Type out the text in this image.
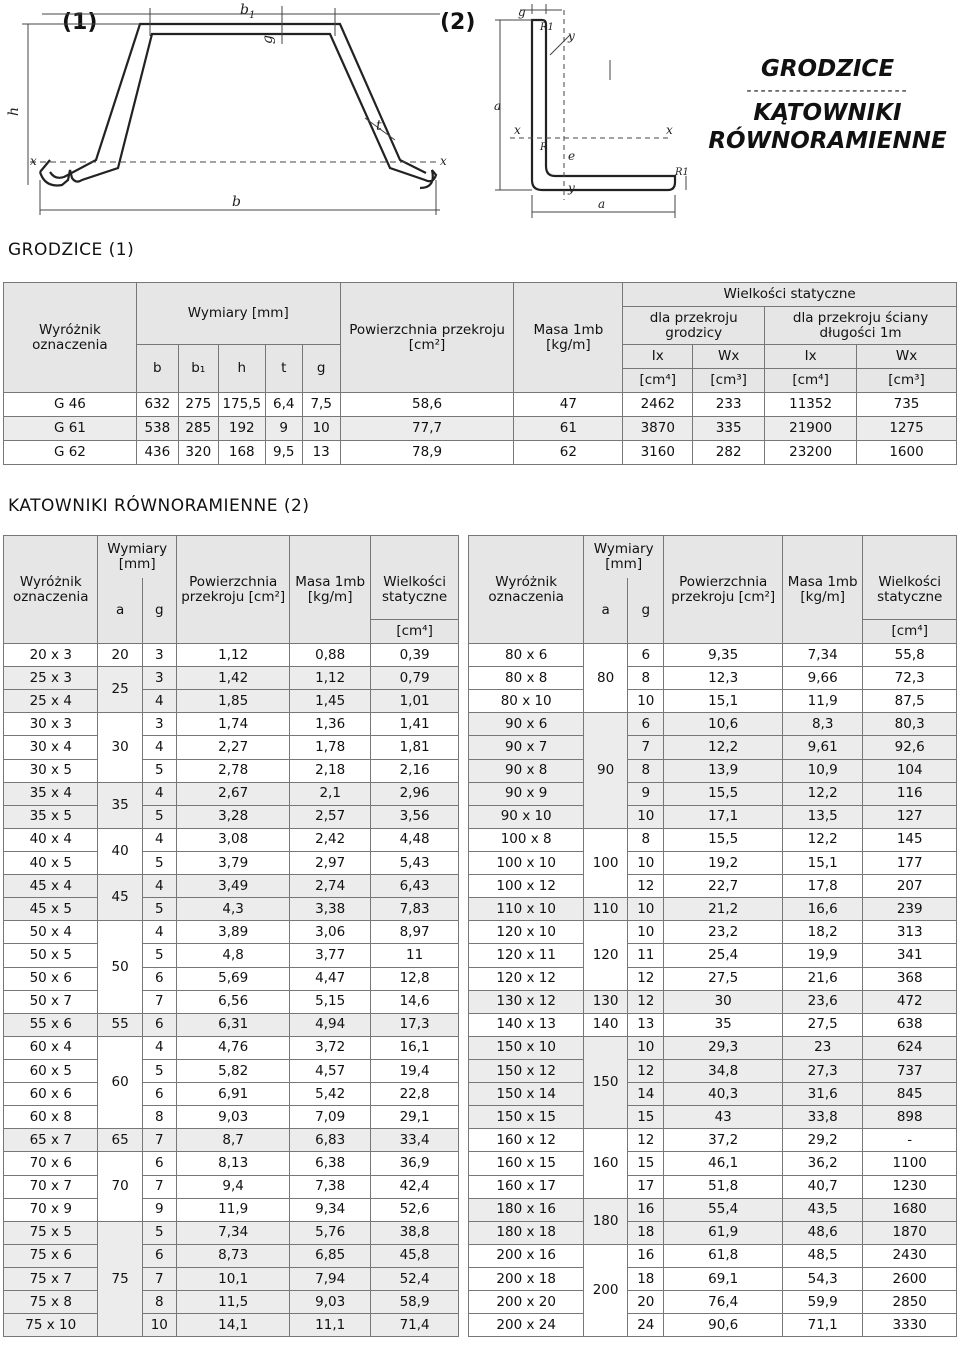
(1)	(2)
b 1
g
h
b
t
x	x
g
R1
y
a
R
x	x
e
a
R1
y
GRODZICE
-----------------------
KĄTOWNIKI
RÓWNORAMIENNE
GRODZICE (1)
Wyróżnik oznaczenia	Wymiary [mm]					Powierzchnia przekroju [cm²]	Masa 1mb [kg/m]	Wielkości statyczne			
								dla przekroju grodzicy		dla przekroju ściany długości 1m	
	b	b₁	h	t	g			Ix	Wx	Ix	Wx
								[cm⁴]	[cm³]	[cm⁴]	[cm³]
G 46	632	275	175,5	6,4	7,5	58,6	47	2462	233	11352	735
G 61	538	285	192	9	10	77,7	61	3870	335	21900	1275
G 62	436	320	168	9,5	13	78,9	62	3160	282	23200	1600
KATOWNIKI RÓWNORAMIENNE (2)
Wyróżnik oznaczenia	Wymiary [mm]		Powierzchnia przekroju [cm²]	Masa 1mb [kg/m]	Wielkości statyczne		Wyróżnik oznaczenia	Wymiary [mm]		Powierzchnia przekroju [cm²]	Masa 1mb [kg/m]	Wielkości statyczne
	a	g						a	g			
					[cm⁴]							[cm⁴]
20 x 3	20	3	1,12	0,88	0,39		80 x 6	80	6	9,35	7,34	55,8
25 x 3	25	3	1,42	1,12	0,79		80 x 8		8	12,3	9,66	72,3
25 x 4		4	1,85	1,45	1,01		80 x 10		10	15,1	11,9	87,5
30 x 3	30	3	1,74	1,36	1,41		90 x 6	90	6	10,6	8,3	80,3
30 x 4		4	2,27	1,78	1,81		90 x 7		7	12,2	9,61	92,6
30 x 5		5	2,78	2,18	2,16		90 x 8		8	13,9	10,9	104
35 x 4	35	4	2,67	2,1	2,96		90 x 9		9	15,5	12,2	116
35 x 5		5	3,28	2,57	3,56		90 x 10		10	17,1	13,5	127
40 x 4	40	4	3,08	2,42	4,48		100 x 8	100	8	15,5	12,2	145
40 x 5		5	3,79	2,97	5,43		100 x 10		10	19,2	15,1	177
45 x 4	45	4	3,49	2,74	6,43		100 x 12		12	22,7	17,8	207
45 x 5		5	4,3	3,38	7,83		110 x 10	110	10	21,2	16,6	239
50 x 4	50	4	3,89	3,06	8,97		120 x 10	120	10	23,2	18,2	313
50 x 5		5	4,8	3,77	11		120 x 11		11	25,4	19,9	341
50 x 6		6	5,69	4,47	12,8		120 x 12		12	27,5	21,6	368
50 x 7		7	6,56	5,15	14,6		130 x 12	130	12	30	23,6	472
55 x 6	55	6	6,31	4,94	17,3		140 x 13	140	13	35	27,5	638
60 x 4	60	4	4,76	3,72	16,1		150 x 10	150	10	29,3	23	624
60 x 5		5	5,82	4,57	19,4		150 x 12		12	34,8	27,3	737
60 x 6		6	6,91	5,42	22,8		150 x 14		14	40,3	31,6	845
60 x 8		8	9,03	7,09	29,1		150 x 15		15	43	33,8	898
65 x 7	65	7	8,7	6,83	33,4		160 x 12	160	12	37,2	29,2	-
70 x 6	70	6	8,13	6,38	36,9		160 x 15		15	46,1	36,2	1100
70 x 7		7	9,4	7,38	42,4		160 x 17		17	51,8	40,7	1230
70 x 9		9	11,9	9,34	52,6		180 x 16	180	16	55,4	43,5	1680
75 x 5	75	5	7,34	5,76	38,8		180 x 18		18	61,9	48,6	1870
75 x 6		6	8,73	6,85	45,8		200 x 16	200	16	61,8	48,5	2430
75 x 7		7	10,1	7,94	52,4		200 x 18		18	69,1	54,3	2600
75 x 8		8	11,5	9,03	58,9		200 x 20		20	76,4	59,9	2850
75 x 10		10	14,1	11,1	71,4		200 x 24		24	90,6	71,1	3330
